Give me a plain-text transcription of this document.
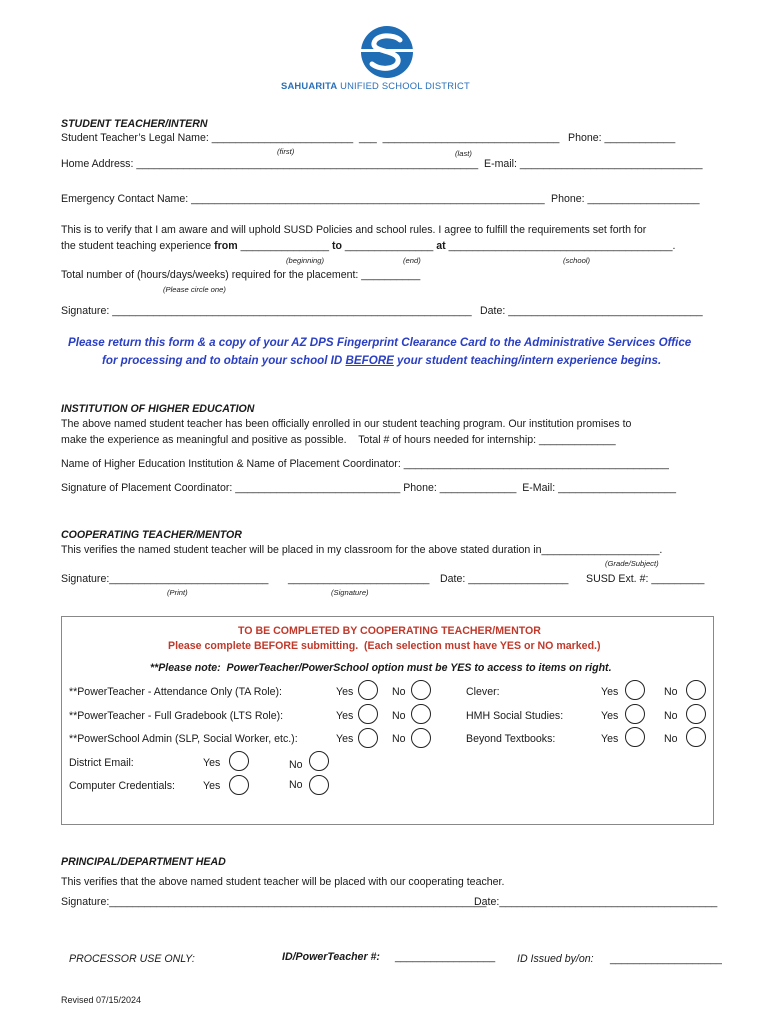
SAHUARITA UNIFIED SCHOOL DISTRICT
STUDENT TEACHER/INTERN
Student Teacher’s Legal Name: ________________________  ___  ______________________________ Phone: ____________
(first)	(last)
Home Address: __________________________________________________________ E-mail: _______________________________
Emergency Contact Name: ____________________________________________________________ Phone: ___________________
This is to verify that I am aware and will uphold SUSD Policies and school rules. I agree to fulfill the requirements set forth for
the student teaching experience from _______________ to _______________ at ______________________________________.
(beginning)	(end)	(school)
Total number of (hours/days/weeks) required for the placement: __________
(Please circle one)
Signature: _____________________________________________________________ Date: _________________________________
Please return this form & a copy of your AZ DPS Fingerprint Clearance Card to the Administrative Services Office
for processing and to obtain your school ID BEFORE your student teaching/intern experience begins.
INSTITUTION OF HIGHER EDUCATION
The above named student teacher has been officially enrolled in our student teaching program. Our institution promises to
make the experience as meaningful and positive as possible.    Total # of hours needed for internship: _____________
Name of Higher Education Institution & Name of Placement Coordinator: _____________________________________________
Signature of Placement Coordinator: ____________________________ Phone: _____________  E-Mail: ____________________
COOPERATING TEACHER/MENTOR
This verifies the named student teacher will be placed in my classroom for the above stated duration in____________________.
(Grade/Subject)
Signature:___________________________ ________________________ Date: _________________ SUSD Ext. #: _________
(Print)	(Signature)
TO BE COMPLETED BY COOPERATING TEACHER/MENTOR
Please complete BEFORE submitting.  (Each selection must have YES or NO marked.)
**Please note:  PowerTeacher/PowerSchool option must be YES to access to items on right.
**PowerTeacher - Attendance Only (TA Role):	Yes	No	Clever:	Yes	No
**PowerTeacher - Full Gradebook (LTS Role):	Yes	No	HMH Social Studies:	Yes	No
**PowerSchool Admin (SLP, Social Worker, etc.):	Yes	No	Beyond Textbooks:	Yes	No
District Email:	Yes	No
Computer Credentials:	Yes	No
PRINCIPAL/DEPARTMENT HEAD
This verifies that the above named student teacher will be placed with our cooperating teacher.
Signature:________________________________________________________________
Date:_____________________________________
PROCESSOR USE ONLY:	ID/PowerTeacher #: _________________ ID Issued by/on: ___________________
Revised 07/15/2024
